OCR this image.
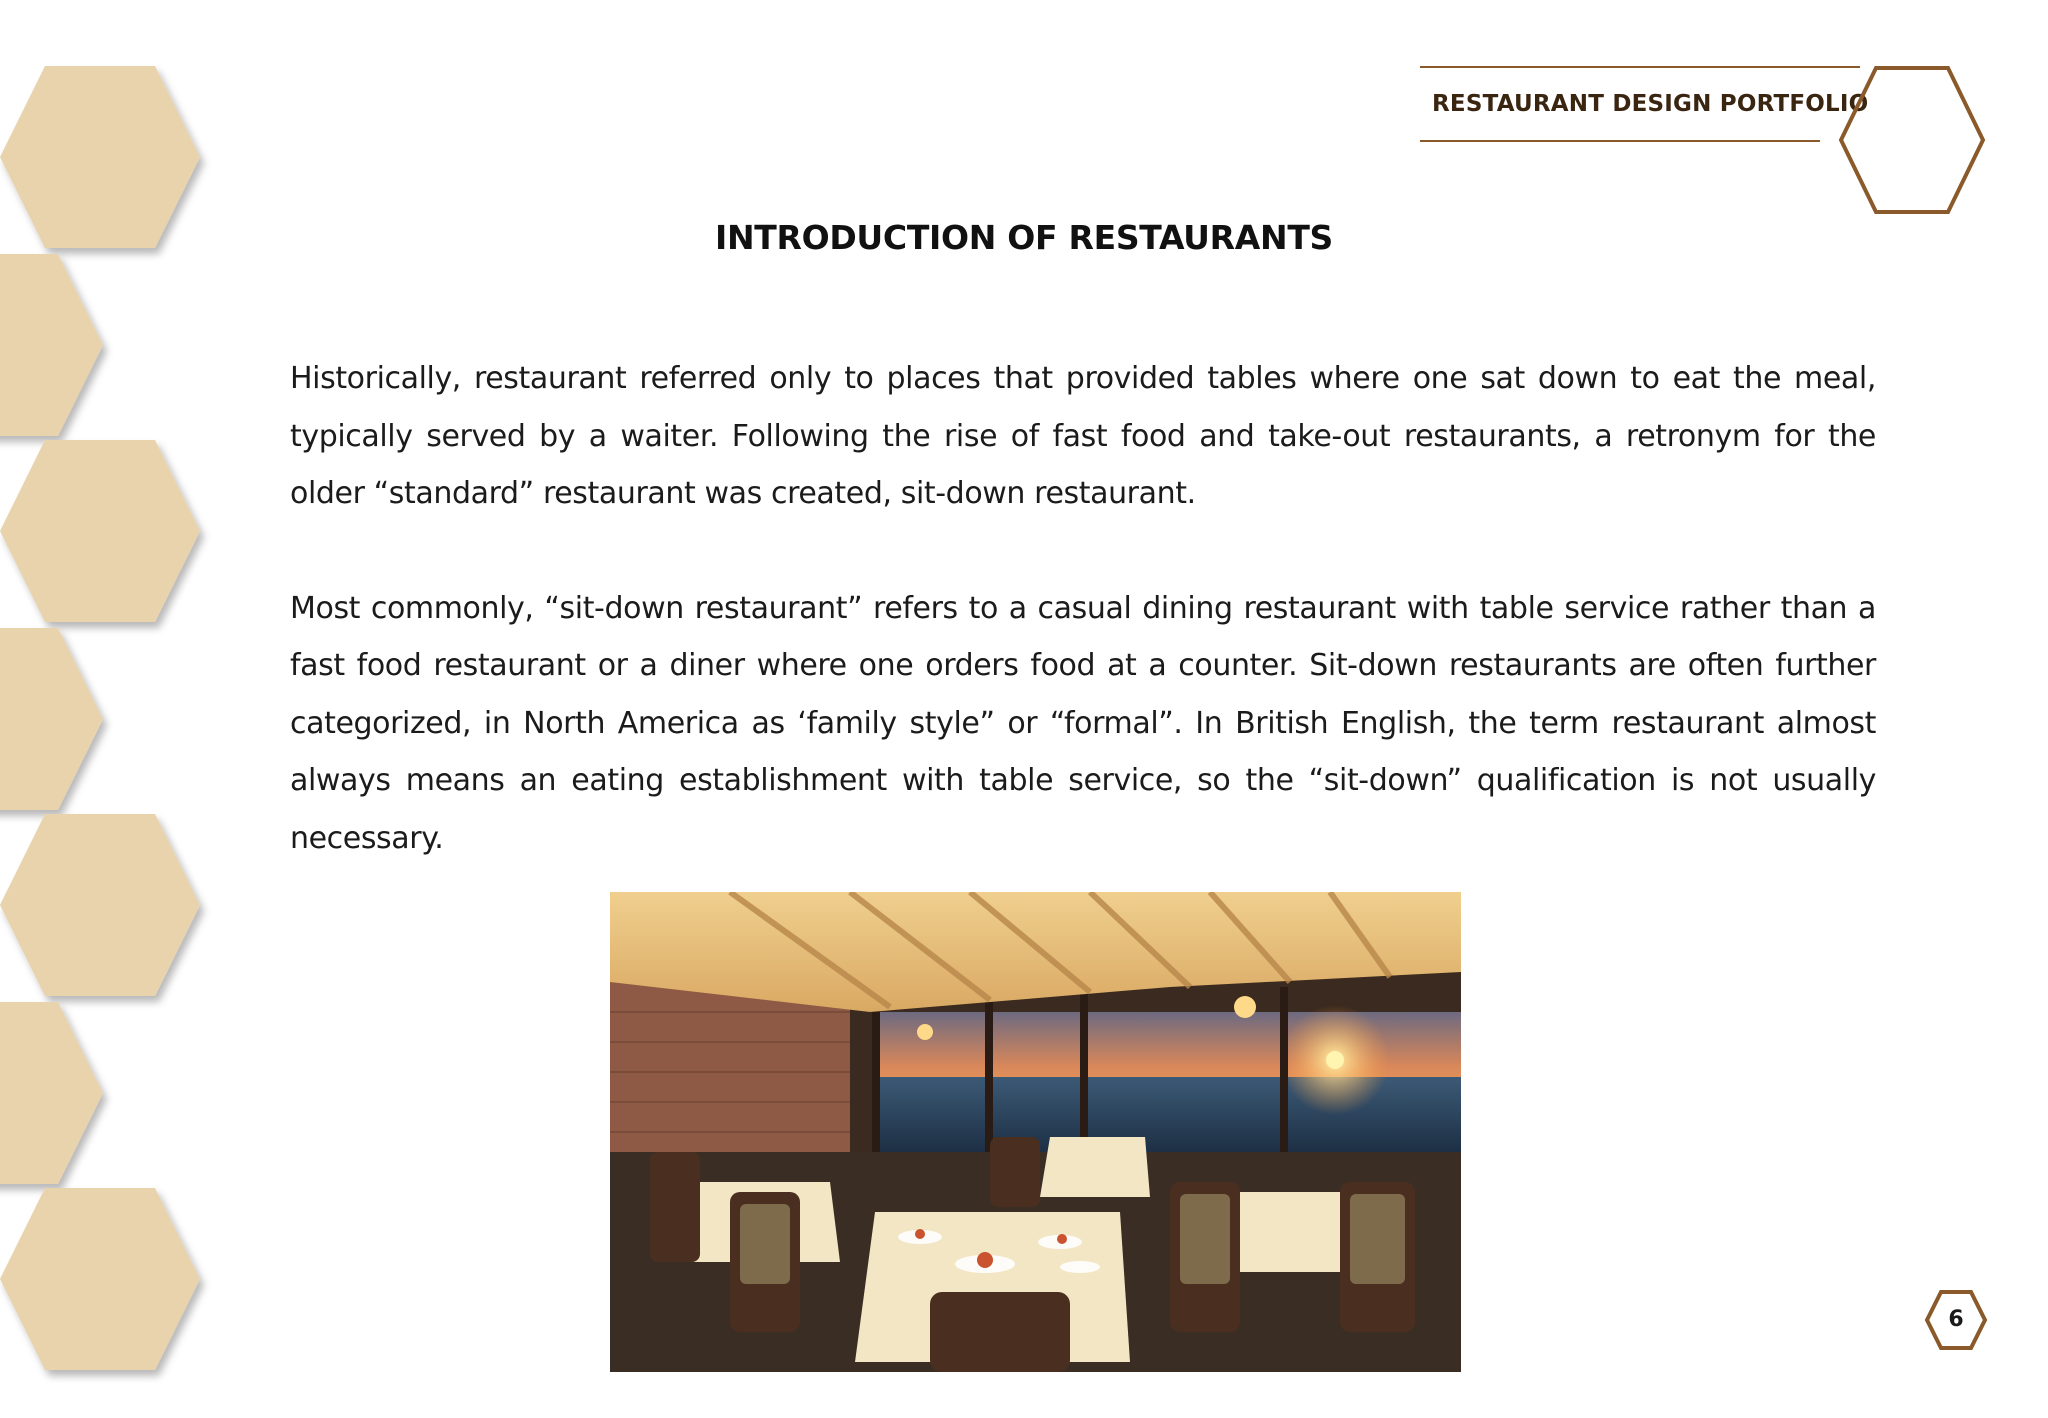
RESTAURANT DESIGN PORTFOLIO
INTRODUCTION OF RESTAURANTS

Historically, restaurant referred only to places that provided tables where one sat down to eat the meal, typically served by a waiter. Following the rise of fast food and take-out restaurants, a retronym for the older “standard” restaurant was created, sit-down restaurant.

Most commonly, “sit-down restaurant” refers to a casual dining restaurant with table service rather than a fast food restaurant or a diner where one orders food at a counter. Sit-down restaurants are often further categorized, in North America as ‘family style” or “formal”. In British English, the term restaurant almost always means an eating establishment with table service, so the “sit-down” qualification is not usually necessary.

6
